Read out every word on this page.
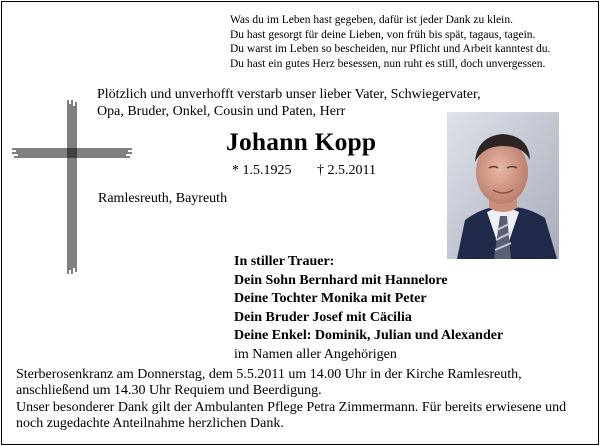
Was du im Leben hast gegeben, dafür ist jeder Dank zu klein.
Du hast gesorgt für deine Lieben, von früh bis spät, tagaus, tagein.
Du warst im Leben so bescheiden, nur Pflicht und Arbeit kanntest du.
Du hast ein gutes Herz besessen, nun ruht es still, doch unvergessen.
Plötzlich und unverhofft verstarb unser lieber Vater, Schwiegervater,
Opa, Bruder, Onkel, Cousin und Paten, Herr
Johann Kopp
* 1.5.1925 † 2.5.2011
Ramlesreuth, Bayreuth
In stiller Trauer:
Dein Sohn Bernhard mit Hannelore
Deine Tochter Monika mit Peter
Dein Bruder Josef mit Cäcilia
Deine Enkel: Dominik, Julian und Alexander
im Namen aller Angehörigen
Sterberosenkranz am Donnerstag, dem 5.5.2011 um 14.00 Uhr in der Kirche Ramlesreuth, anschließend um 14.30 Uhr Requiem und Beerdigung.
Unser besonderer Dank gilt der Ambulanten Pflege Petra Zimmermann. Für bereits erwiesene und noch zugedachte Anteilnahme herzlichen Dank.
